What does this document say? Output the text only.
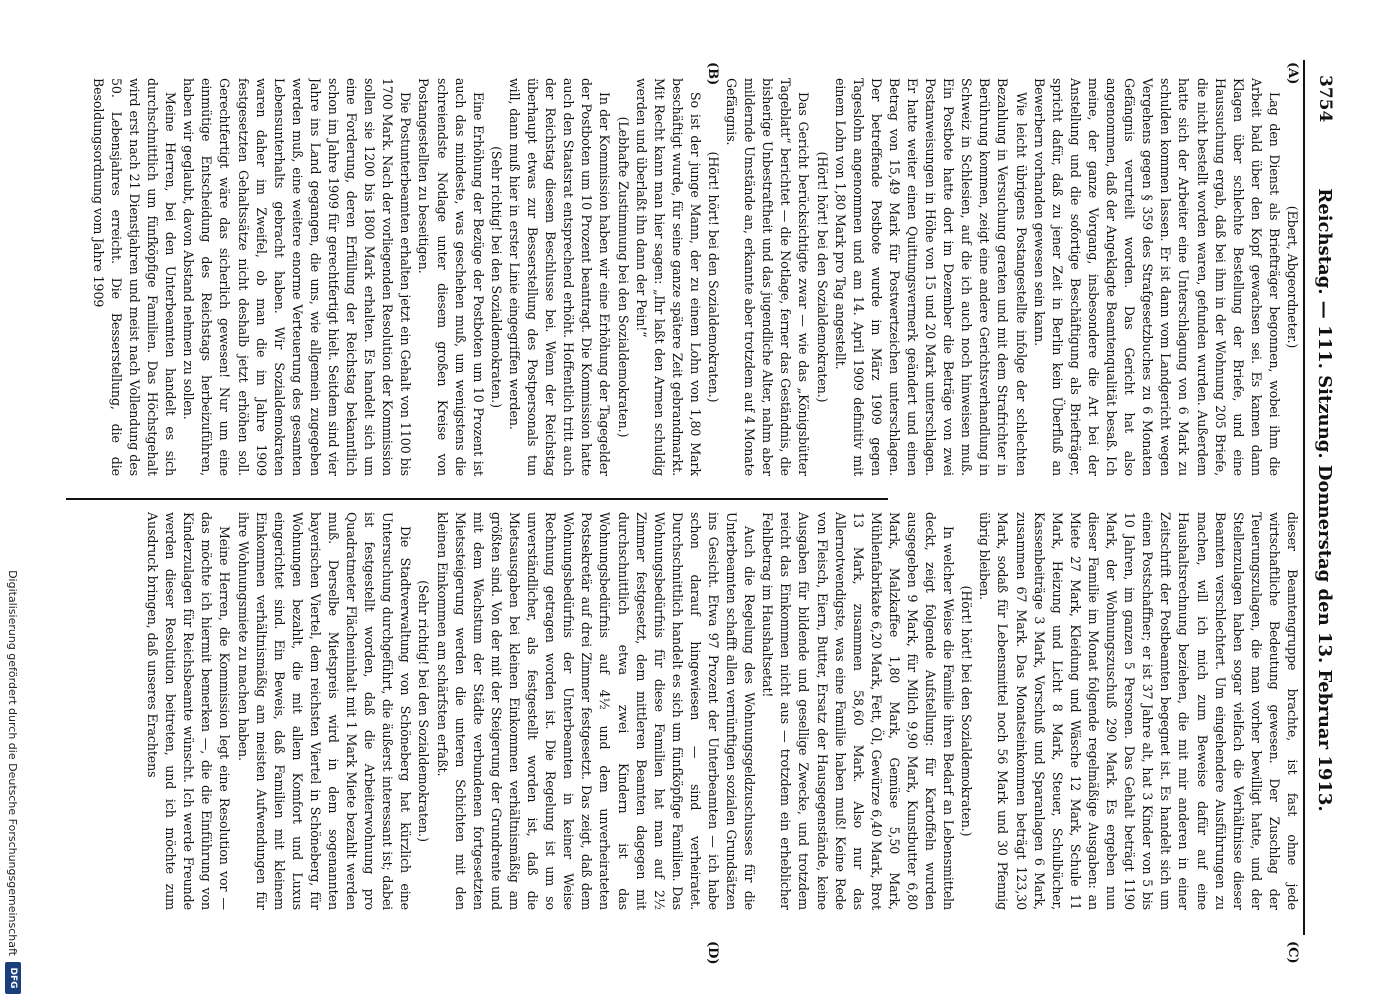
3754
Reichstag. — 111. Sitzung. Donnerstag den 13. Februar 1913.
(A)
(B)
(C)
(D)

(Ebert, Abgeordneter.)

Lag den Dienst als Briefträger begonnen, wobei ihm die Arbeit bald über den Kopf gewachsen sei. Es kamen dann Klagen über schlechte Bestellung der Briefe, und eine Haussuchung ergab, daß bei ihm in der Wohnung 205 Briefe, die nicht bestellt worden waren, gefunden wurden. Außerdem hatte sich der Arbeiter eine Unterschlagung von 6 Mark zu schulden kommen lassen. Er ist dann vom Landgericht wegen Vergehens gegen § 359 des Strafgesetzbuches zu 6 Monaten Gefängnis verurteilt worden. Das Gericht hat also angenommen, daß der Angeklagte Beamtenqualität besaß. Ich meine, der ganze Vorgang, insbesondere die Art bei der Anstellung und die sofortige Beschäftigung als Briefträger, spricht dafür, daß zu jener Zeit in Berlin kein Überfluß an Bewerbern vorhanden gewesen sein kann.

Wie leicht übrigens Postangestellte infolge der schlechten Bezahlung in Versuchung geraten und mit dem Strafrichter in Berührung kommen, zeigt eine andere Gerichtsverhandlung in Schweiz in Schlesien, auf die ich auch noch hinweisen muß. Ein Postbote hatte dort im Dezember die Beträge von zwei Postanweisungen in Höhe von 15 und 20 Mark unterschlagen. Er hatte weiter einen Quittungsvermerk geändert und einen Betrag von 15,49 Mark für Postwertzeichen unterschlagen. Der betreffende Postbote wurde im März 1909 gegen Tageslohn angenommen und am 14. April 1909 definitiv mit einem Lohn von 1,80 Mark pro Tag angestellt.

(Hört! hört! bei den Sozialdemokraten.)

Das Gericht berücksichtigte zwar — wie das „Königsbütter Tageblatt“ berichtet — die Notlage, ferner das Geständnis, die bisherige Unbestraftheit und das jugendliche Alter, nahm aber mildernde Umstände an, erkannte aber trotzdem auf 4 Monate Gefängnis.

(Hört! hört! bei den Sozialdemokraten.)

So ist der junge Mann, der zu einem Lohn von 1,80 Mark beschäftigt wurde, für seine ganze spätere Zeit gebrandmarkt. Mit Recht kann man hier sagen: „Ihr laßt den Armen schuldig werden und überlaßt ihn dann der Pein!“

(Lebhafte Zustimmung bei den Sozialdemokraten.)

In der Kommission haben wir eine Erhöhung der Tagegelder der Postboten um 10 Prozent beantragt. Die Kommission hatte auch den Staatsrat entsprechend erhöht. Hoffentlich tritt auch der Reichstag diesem Beschlusse bei. Wenn der Reichstag überhaupt etwas zur Besserstellung des Postpersonals tun will, dann muß hier in erster Linie eingegriffen werden.

(Sehr richtig! bei den Sozialdemokraten.)

Eine Erhöhung der Bezüge der Postboten um 10 Prozent ist auch das mindeste, was geschehen muß, um wenigstens die schreiendste Notlage unter diesem großen Kreise von Postangestellten zu beseitigen.

Die Postunterbeamten erhalten jetzt ein Gehalt von 1100 bis 1700 Mark. Nach der vorliegenden Resolution der Kommission sollen sie 1200 bis 1800 Mark erhalten. Es handelt sich um eine Forderung, deren Erfüllung der Reichstag bekanntlich schon im Jahre 1909 für gerechtfertigt hielt. Seitdem sind vier Jahre ins Land gegangen, die uns, wie allgemein zugegeben werden muß, eine weitere enorme Verteuerung des gesamten Lebensunterhalts gebracht haben. Wir Sozialdemokraten waren daher im Zweifel, ob man die im Jahre 1909 festgesetzten Gehaltssätze nicht deshalb jetzt erhöhen soll. Gerechtfertigt wäre das sicherlich gewesen! Nur um eine einmütige Entscheidung des Reichstags herbeizuführen, haben wir geglaubt, davon Abstand nehmen zu sollen.

Meine Herren, bei den Unterbeamten handelt es sich durchschnittlich um fünfköpfige Familien. Das Höchstgehalt wird erst nach 21 Dienstjahren und meist nach Vollendung des 50. Lebensjahres erreicht. Die Besserstellung, die die Besoldungsordnung vom Jahre 1909

dieser Beamtengruppe brachte, ist fast ohne jede wirtschaftliche Bedeutung gewesen. Der Zuschlag der Teuerungszulagen, die man vorher bewilligt hatte, und der Stellenzulagen haben sogar vielfach die Verhältnisse dieser Beamten verschlechtert. Um eingehendere Ausführungen zu machen, will ich mich zum Beweise dafür auf eine Haushaltsrechnung beziehen, die mit mir anderen in einer Zeitschrift der Postbeamten begegnet ist. Es handelt sich um einen Postschaffner; er ist 37 Jahre alt, hat 3 Kinder von 5 bis 10 Jahren, im ganzen 5 Personen. Das Gehalt beträgt 1190 Mark, der Wohnungszuschuß 290 Mark. Es ergeben nun dieser Familie im Monat folgende regelmäßige Ausgaben: an Miete 27 Mark, Kleidung und Wäsche 12 Mark, Schule 11 Mark, Heizung und Licht 8 Mark, Steuer, Schulbücher, Kassenbeiträge 3 Mark, Vorschuß und Sparanlagen 6 Mark, zusammen 67 Mark. Das Monatseinkommen beträgt 123,30 Mark, sodaß für Lebensmittel noch 56 Mark und 30 Pfennig übrig bleiben.

(Hört! hört! bei den Sozialdemokraten.)

In welcher Weise die Familie ihren Bedarf an Lebensmitteln deckt, zeigt folgende Aufstellung: für Kartoffeln wurden ausgegeben 9 Mark, für Milch 9,90 Mark, Kunstbutter 6,80 Mark, Malzkaffee 1,80 Mark, Gemüse 5,50 Mark, Mühlenfabrikate 6,20 Mark, Fett, Öl, Gewürze 6,40 Mark, Brot 13 Mark, zusammen 58,60 Mark. Also nur das Allernotwendigste, was eine Familie haben muß! Keine Rede von Fleisch, Eiern, Butter, Ersatz der Hausgegenstände, keine Ausgaben für bildende und gesellige Zwecke, und trotzdem reicht das Einkommen nicht aus — trotzdem ein erheblicher Fehlbetrag im Haushaltsetat!

Auch die Regelung des Wohnungsgeldzuschusses für die Unterbeamten schafft allen vernünftigen sozialen Grundsätzen ins Gesicht. Etwa 97 Prozent der Unterbeamten — ich habe schon darauf hingewiesen — sind verheiratet. Durchschnittlich handelt es sich um fünfköpfige Familien. Das Wohnungsbedürfnis für diese Familien hat man auf 2½ Zimmer festgesetzt, dem mittleren Beamten dagegen mit durchschnittlich etwa zwei Kindern ist das Wohnungsbedürfnis auf 4½ und dem unverheirateten Postsekretär auf drei Zimmer festgesetzt. Das zeigt, daß dem Wohnungsbedürfnis der Unterbeamten in keiner Weise Rechnung getragen worden ist. Die Regelung ist um so unverständlicher, als festgestellt worden ist, daß die Mietsausgaben bei kleinen Einkommen verhältnismäßig am größten sind. Von der mit der Steigerung der Grundrente und mit dem Wachstum der Städte verbundenen fortgesetzten Mietssteigerung werden die unteren Schichten mit den kleinen Einkommen am schärfsten erfaßt.

(Sehr richtig! bei den Sozialdemokraten.)

Die Stadtverwaltung von Schöneberg hat kürzlich eine Untersuchung durchgeführt, die äußerst interessant ist; dabei ist festgestellt worden, daß die Arbeiterwohnung pro Quadratmeter Flächeninhalt mit 1 Mark Miete bezahlt werden muß. Derselbe Mietspreis wird in dem sogenannten bayerischen Viertel, dem reichsten Viertel in Schöneberg, für Wohnungen bezahlt, die mit allem Komfort und Luxus eingerichtet sind. Ein Beweis, daß Familien mit kleinem Einkommen verhältnismäßig am meisten Aufwendungen für ihre Wohnungsmiete zu machen haben.

Meine Herren, die Kommission legt eine Resolution vor — das möchte ich hiermit bemerken —, die die Einführung von Kinderzulagen für Reichsbeamte wünscht. Ich werde Freunde werden dieser Resolution beitreten, und ich möchte zum Ausdruck bringen, daß unseres Erachtens

Digitalisierung gefördert durch die Deutsche Forschungsgemeinschaft
DFG
